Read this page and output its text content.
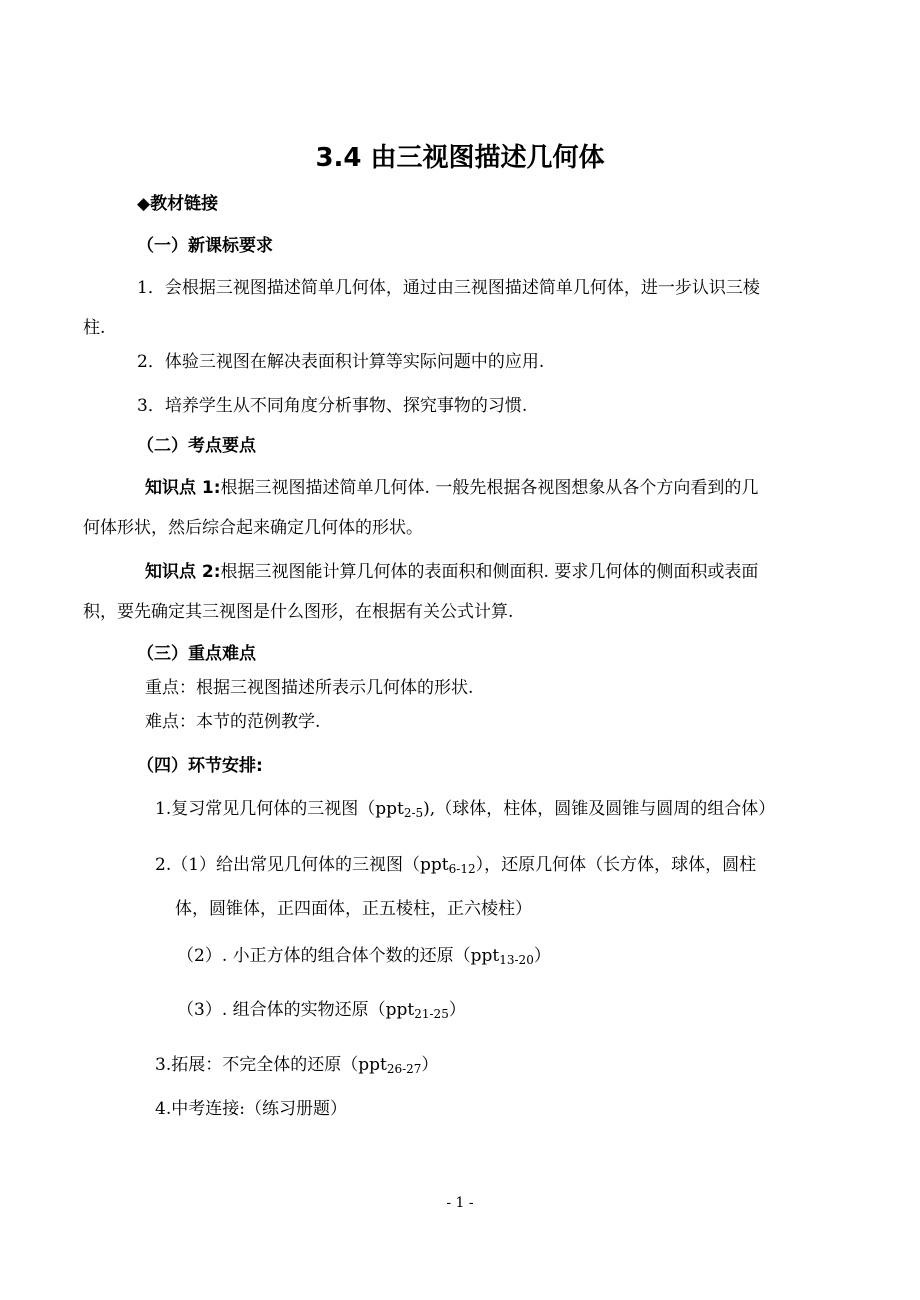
3.4 由三视图描述几何体
◆教材链接
（一）新课标要求
1．会根据三视图描述简单几何体，通过由三视图描述简单几何体，进一步认识三棱
柱.
2．体验三视图在解决表面积计算等实际问题中的应用.
3．培养学生从不同角度分析事物、探究事物的习惯.
（二）考点要点
知识点 1:根据三视图描述简单几何体. 一般先根据各视图想象从各个方向看到的几
何体形状，然后综合起来确定几何体的形状。
知识点 2:根据三视图能计算几何体的表面积和侧面积. 要求几何体的侧面积或表面
积，要先确定其三视图是什么图形，在根据有关公式计算.
（三）重点难点
重点：根据三视图描述所表示几何体的形状.
难点：本节的范例教学.
（四）环节安排:
1.复习常见几何体的三视图（ppt$_{2-5}$),（球体，柱体，圆锥及圆锥与圆周的组合体）
2.（1）给出常见几何体的三视图（ppt$_{6-12}$），还原几何体（长方体，球体，圆柱
体，圆锥体，正四面体，正五棱柱，正六棱柱）
（2）. 小正方体的组合体个数的还原（ppt$_{13-20}$）
（3）. 组合体的实物还原（ppt$_{21-25}$）
3.拓展：不完全体的还原（ppt$_{26-27}$）
4.中考连接:（练习册题）
- 1 -
